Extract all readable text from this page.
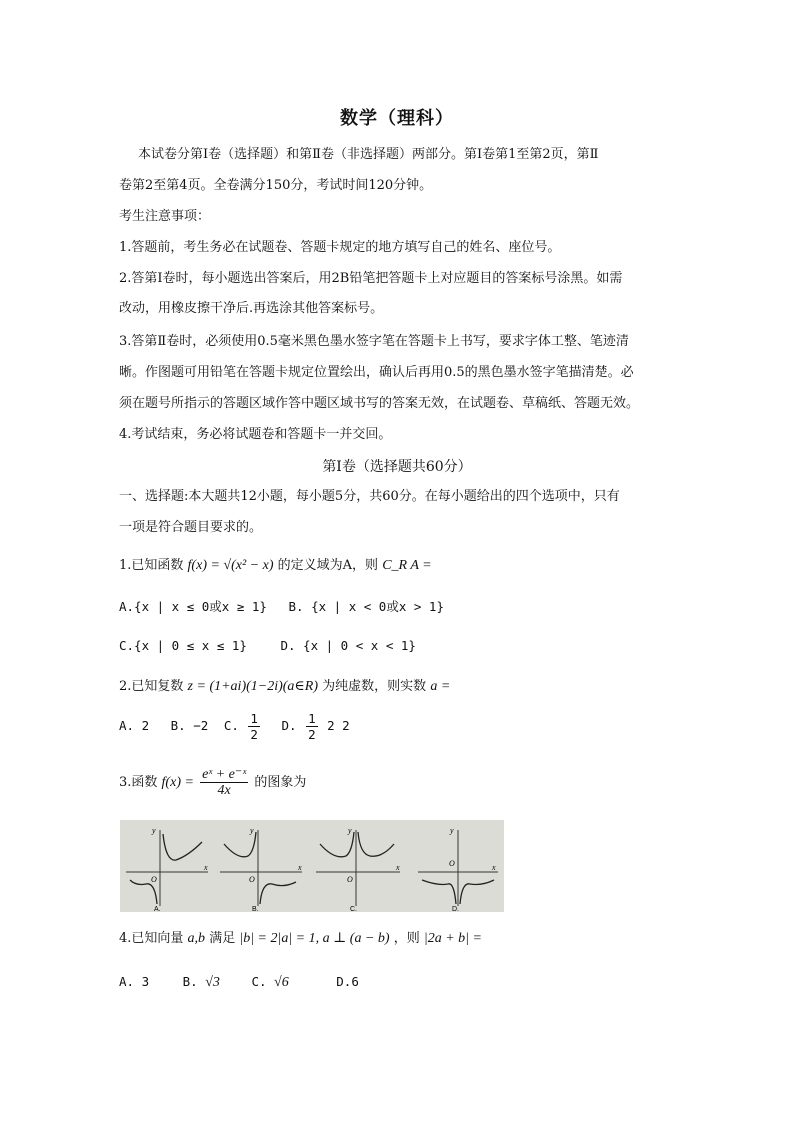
数学（理科）
本试卷分第Ⅰ卷（选择题）和第Ⅱ卷（非选择题）两部分。第Ⅰ卷第1至第2页，第Ⅱ
卷第2至第4页。全卷满分150分，考试时间120分钟。
考生注意事项：
1.答题前，考生务必在试题卷、答题卡规定的地方填写自己的姓名、座位号。
2.答第Ⅰ卷时，每小题选出答案后，用2B铅笔把答题卡上对应题目的答案标号涂黑。如需
改动，用橡皮擦干净后.再选涂其他答案标号。
3.答第Ⅱ卷时，必须使用0.5毫米黑色墨水签字笔在答题卡上书写，要求字体工整、笔迹清
晰。作图题可用铅笔在答题卡规定位置绘出，确认后再用0.5的黑色墨水签字笔描清楚。必
须在题号所指示的答题区域作答中题区域书写的答案无效，在试题卷、草稿纸、答题无效。
4.考试结束，务必将试题卷和答题卡一并交回。
第Ⅰ卷（选择题共60分）
一、选择题:本大题共12小题，每小题5分，共60分。在每小题给出的四个选项中，只有
一项是符合题目要求的。
1.已知函数 f(x) = √(x² − x) 的定义域为A，则 C_R A =
A.{x | x ≤ 0或x ≥ 1} B. {x | x < 0或x > 1}
C.{x | 0 ≤ x ≤ 1}	D. {x | 0 < x < 1}
2.已知复数 z = (1+ai)(1−2i)(a∈R) 为纯虚数，则实数 a =
A. 2 B. −2 C. $\frac{1}{2} D$. $\frac{1}{2} 2$ 2
3.函数 $f(x) = \frac{\text{eˣ + e⁻ˣ}}{4x}$ 的图象为
y
x
O
A.
y
x
O
B.
y
x
O
C.
y
x
O
D.
4.已知向量 a,b 满足 |b| = 2|a| = 1, a ⊥ (a − b) ，则 |2a + b| =
A. 3	B. √3	C. √6	D.6
